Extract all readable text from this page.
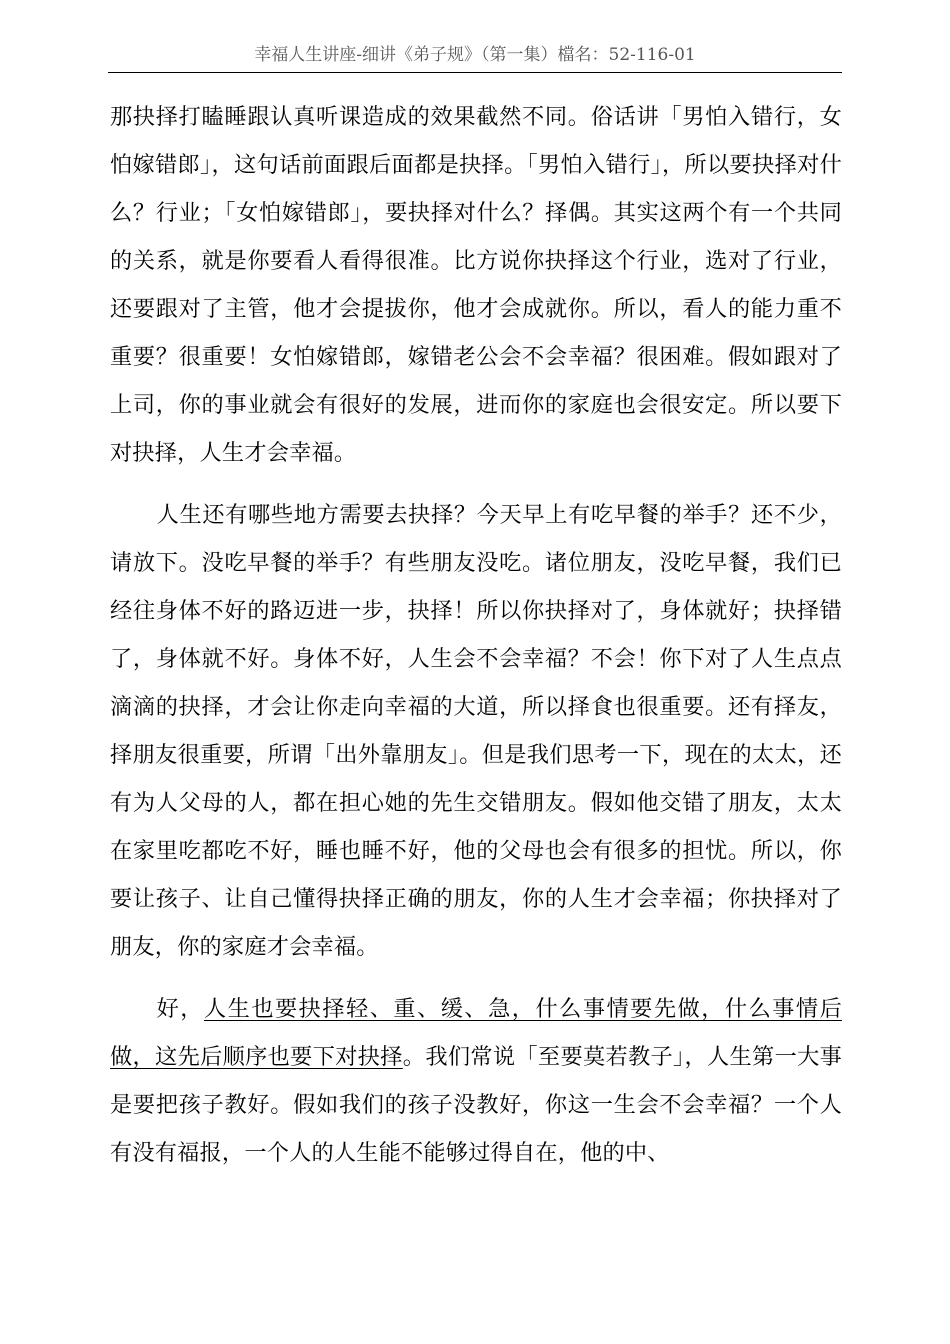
幸福人生讲座-细讲《弟子规》（第一集）檔名：52-116-01

那抉择打瞌睡跟认真听课造成的效果截然不同。俗话讲「男怕入错行，女怕嫁错郎」，这句话前面跟后面都是抉择。「男怕入错行」，所以要抉择对什么？行业；「女怕嫁错郎」，要抉择对什么？择偶。其实这两个有一个共同的关系，就是你要看人看得很准。比方说你抉择这个行业，选对了行业，还要跟对了主管，他才会提拔你，他才会成就你。所以，看人的能力重不重要？很重要！女怕嫁错郎，嫁错老公会不会幸福？很困难。假如跟对了上司，你的事业就会有很好的发展，进而你的家庭也会很安定。所以要下对抉择，人生才会幸福。

人生还有哪些地方需要去抉择？今天早上有吃早餐的举手？还不少，请放下。没吃早餐的举手？有些朋友没吃。诸位朋友，没吃早餐，我们已经往身体不好的路迈进一步，抉择！所以你抉择对了，身体就好；抉择错了，身体就不好。身体不好，人生会不会幸福？不会！你下对了人生点点滴滴的抉择，才会让你走向幸福的大道，所以择食也很重要。还有择友，择朋友很重要，所谓「出外靠朋友」。但是我们思考一下，现在的太太，还有为人父母的人，都在担心她的先生交错朋友。假如他交错了朋友，太太在家里吃都吃不好，睡也睡不好，他的父母也会有很多的担忧。所以，你要让孩子、让自己懂得抉择正确的朋友，你的人生才会幸福；你抉择对了朋友，你的家庭才会幸福。

好，人生也要抉择轻、重、缓、急，什么事情要先做，什么事情后做，这先后顺序也要下对抉择。我们常说「至要莫若教子」，人生第一大事是要把孩子教好。假如我们的孩子没教好，你这一生会不会幸福？一个人有没有福报，一个人的人生能不能够过得自在，他的中、
